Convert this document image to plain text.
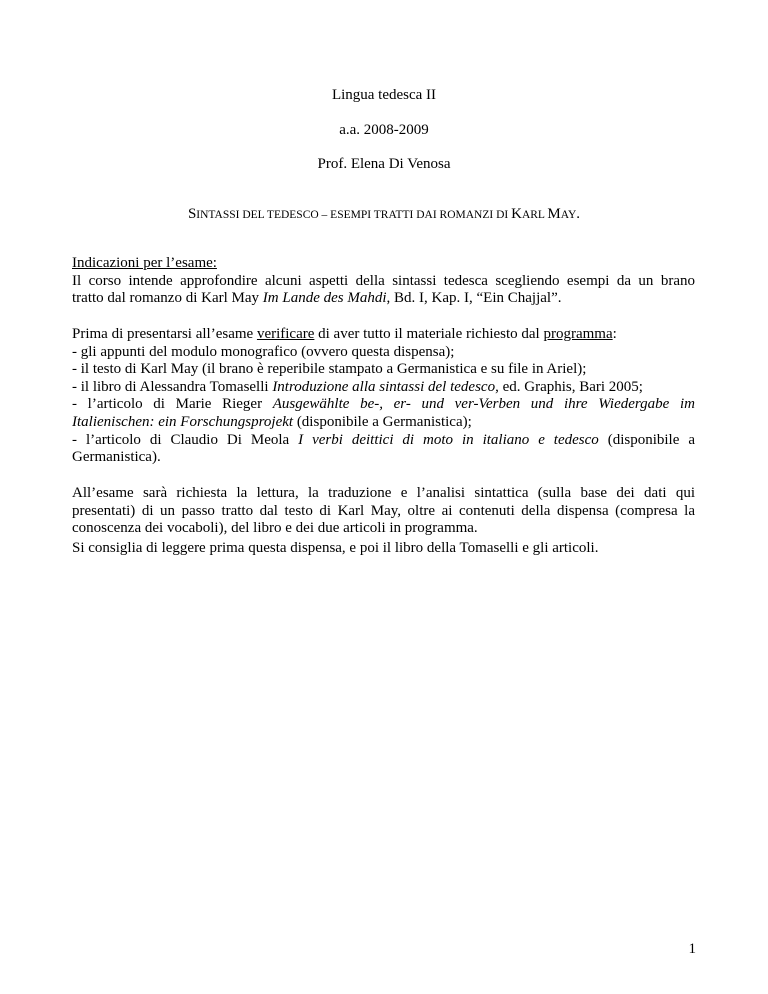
Lingua tedesca II
a.a. 2008-2009
Prof. Elena Di Venosa
SINTASSI DEL TEDESCO – ESEMPI TRATTI DAI ROMANZI DI KARL MAY.
Indicazioni per l’esame:
Il corso intende approfondire alcuni aspetti della sintassi tedesca scegliendo esempi da un brano
tratto dal romanzo di Karl May Im Lande des Mahdi, Bd. I, Kap. I, “Ein Chajjal”.
Prima di presentarsi all’esame verificare di aver tutto il materiale richiesto dal programma:
- gli appunti del modulo monografico (ovvero questa dispensa);
- il testo di Karl May (il brano è reperibile stampato a Germanistica e su file in Ariel);
- il libro di Alessandra Tomaselli Introduzione alla sintassi del tedesco, ed. Graphis, Bari 2005;
- l’articolo di Marie Rieger Ausgewählte be-, er- und ver-Verben und ihre Wiedergabe im
Italienischen: ein Forschungsprojekt (disponibile a Germanistica);
- l’articolo di Claudio Di Meola I verbi deittici di moto in italiano e tedesco (disponibile a
Germanistica).
All’esame sarà richiesta la lettura, la traduzione e l’analisi sintattica (sulla base dei dati qui
presentati) di un passo tratto dal testo di Karl May, oltre ai contenuti della dispensa (compresa la
conoscenza dei vocaboli), del libro e dei due articoli in programma.
Si consiglia di leggere prima questa dispensa, e poi il libro della Tomaselli e gli articoli.
1
